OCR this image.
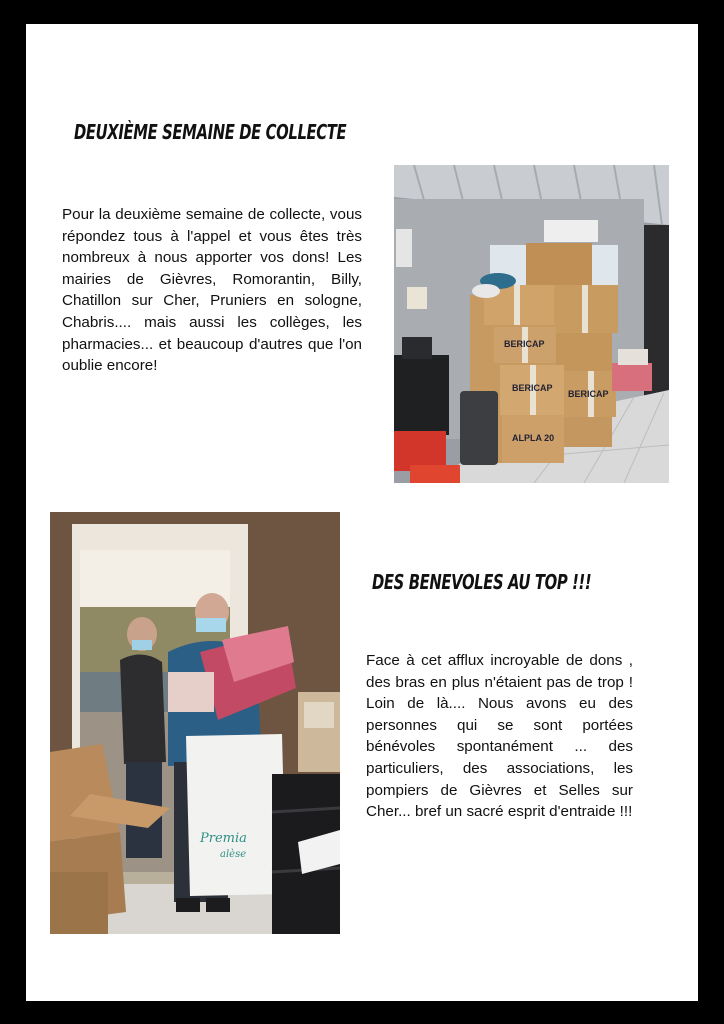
DEUXIÈME SEMAINE DE COLLECTE

Pour la deuxième semaine de collecte, vous répondez tous à l'appel et vous êtes très nombreux à nous apporter vos dons! Les mairies de Gièvres, Romorantin, Billy, Chatillon sur Cher, Pruniers en sologne, Chabris.... mais aussi les collèges, les pharmacies... et beaucoup d'autres que l'on oublie encore!

BERICAP
BERICAP
BERICAP
ALPLA 20
Premia
alèse
DES BENEVOLES AU TOP !!!

Face à cet afflux incroyable de dons , des bras en plus n'étaient pas de trop ! Loin de là.... Nous avons eu des personnes qui se sont portées bénévoles spontanément ... des particuliers, des associations, les pompiers de Gièvres et Selles sur Cher... bref un sacré esprit d'entraide !!!
